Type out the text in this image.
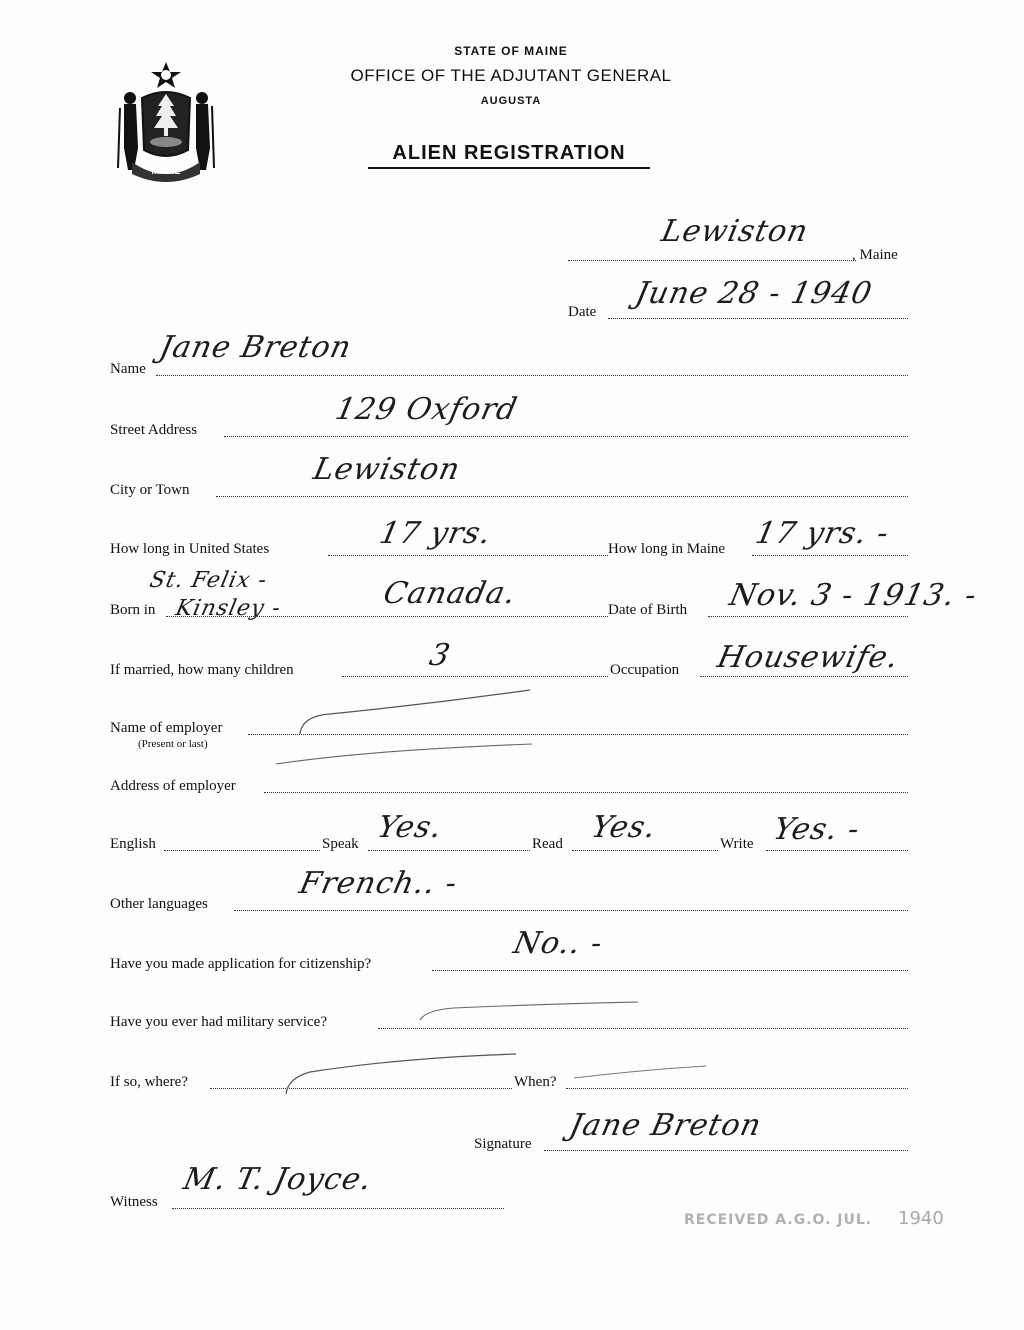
MAINE
STATE OF MAINE
OFFICE OF THE ADJUTANT GENERAL
AUGUSTA
ALIEN REGISTRATION
Lewiston
, Maine
Date
June 28 - 1940
Name
Jane Breton
Street Address
129 Oxford
City or Town
Lewiston
How long in United States	17 yrs.	How long in Maine 17 yrs. -
St. Felix -
Born in Kinsley -	Canada.	Date of Birth Nov. 3 - 1913. -
If married, how many children	3	Occupation Housewife.
Name of employer
(Present or last)
Address of employer
English	Speak Yes.	Read Yes.	Write Yes. -
Other languages
French.. -
Have you made application for citizenship?
No.. -
Have you ever had military service?
If so, where?	When?
Signature
Jane Breton
Witness
M. T. Joyce.
RECEIVED A.G.O. JUL. 1940
